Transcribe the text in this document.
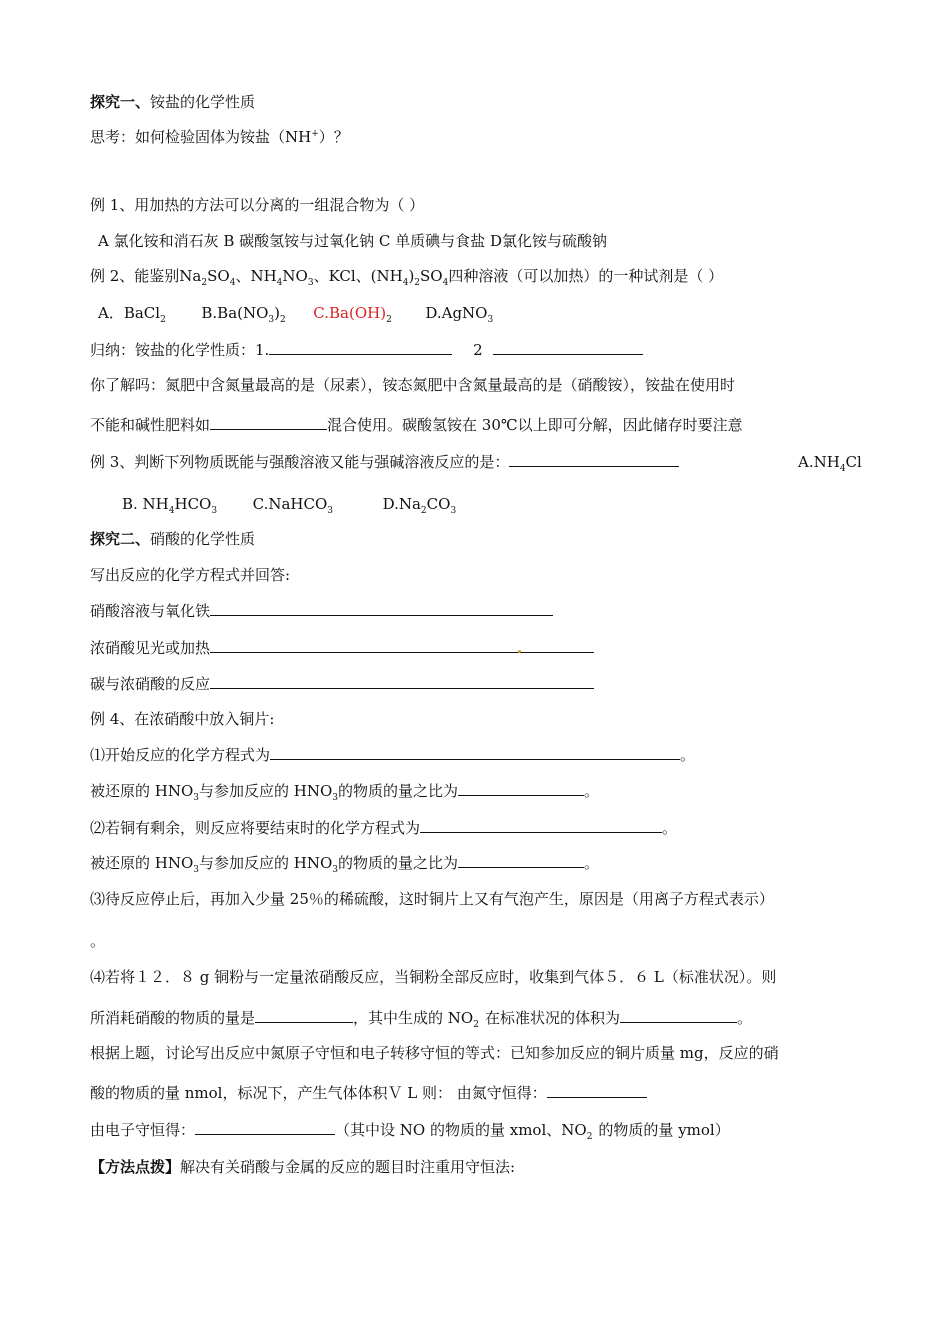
探究一、铵盐的化学性质
思考：如何检验固体为铵盐（NH+）？
例 1、用加热的方法可以分离的一组混合物为（ ）
A 氯化铵和消石灰 B 碳酸氢铵与过氧化钠 C 单质碘与食盐 D氯化铵与硫酸钠
例 2、能鉴别$Na_2SO_4$、$NH_4NO_3$、KCl、$(NH_4)_2SO_4$四种溶液（可以加热）的一种试剂是（ ）
A．BaCl$_2$ $B.Ba(NO_3)_2$ $C.Ba(OH)_2$ D.AgNO$_3$
归纳：铵盐的化学性质：1.	2
你了解吗：氮肥中含氮量最高的是（尿素），铵态氮肥中含氮量最高的是（硝酸铵），铵盐在使用时
不能和碱性肥料如	混合使用。碳酸氢铵在 30℃以上即可分解，因此储存时要注意
例 3、判断下列物质既能与强酸溶液又能与强碱溶液反应的是：	$A.NH_4Cl$
B. $NH_4HCO_3$ C.NaHCO$_3$	$D.Na_2CO_3$
探究二、硝酸的化学性质
写出反应的化学方程式并回答:
硝酸溶液与氧化铁
浓硝酸见光或加热
碳与浓硝酸的反应
例 4、在浓硝酸中放入铜片:
⑴开始反应的化学方程式为	。
被还原的 $HNO_3$与参加反应的 $HNO_3$的物质的量之比为	。
⑵若铜有剩余，则反应将要结束时的化学方程式为	。
被还原的 $HNO_3$与参加反应的 $HNO_3$的物质的量之比为	。
⑶待反应停止后，再加入少量 25％的稀硫酸，这时铜片上又有气泡产生，原因是（用离子方程式表示）
。
⑷若将１２．８ g 铜粉与一定量浓硝酸反应，当铜粉全部反应时，收集到气体５．６ L（标准状况）。则
所消耗硝酸的物质的量是	，其中生成的 $NO_2$ 在标准状况的体积为	。
根据上题，讨论写出反应中氮原子守恒和电子转移守恒的等式：已知参加反应的铜片质量 mg，反应的硝
酸的物质的量 nmol，标况下，产生气体体积Ｖ L 则： 由氮守恒得：
由电子守恒得：	（其中设 NO 的物质的量 xmol、$NO_2$ 的物质的量 ymol）
【方法点拨】解决有关硝酸与金属的反应的题目时注重用守恒法:
